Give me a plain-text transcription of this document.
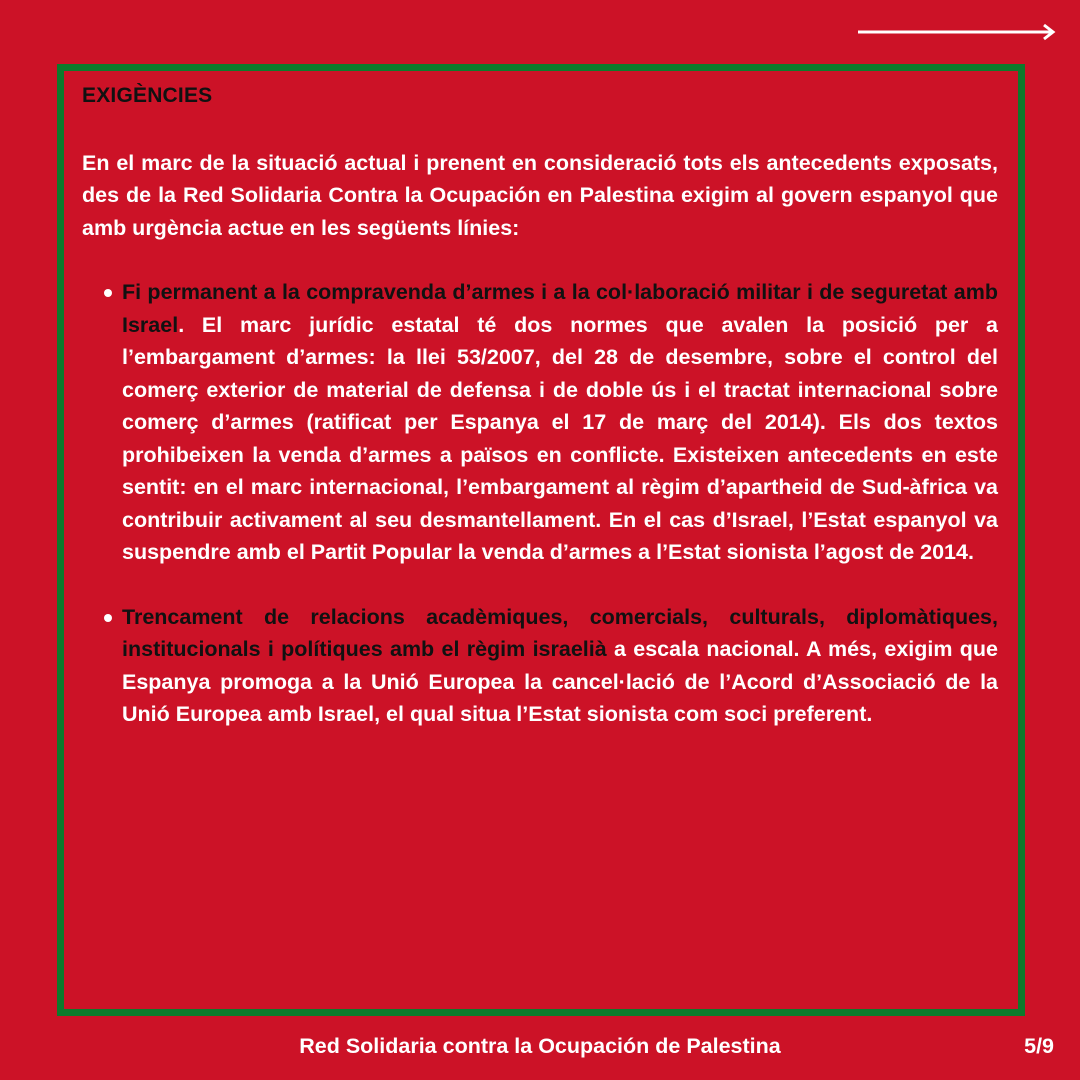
EXIGÈNCIES

En el marc de la situació actual i prenent en consideració tots els antecedents exposats, des de la Red Solidaria Contra la Ocupación en Palestina exigim al govern espanyol que amb urgència actue en les següents línies:

Fi permanent a la compravenda d’armes i a la col·laboració militar i de seguretat amb Israel. El marc jurídic estatal té dos normes que avalen la posició per a l’embargament d’armes: la llei 53/2007, del 28 de desembre, sobre el control del comerç exterior de material de defensa i de doble ús i el tractat internacional sobre comerç d’armes (ratificat per Espanya el 17 de març del 2014). Els dos textos prohibeixen la venda d’armes a països en conflicte. Existeixen antecedents en este sentit: en el marc internacional, l’embargament al règim d’apartheid de Sud-àfrica va contribuir activament al seu desmantellament. En el cas d’Israel, l’Estat espanyol va suspendre amb el Partit Popular la venda d’armes a l’Estat sionista l’agost de 2014.
Trencament de relacions acadèmiques, comercials, culturals, diplomàtiques, institucionals i polítiques amb el règim israelià a escala nacional. A més, exigim que Espanya promoga a la Unió Europea la cancel·lació de l’Acord d’Associació de la Unió Europea amb Israel, el qual situa l’Estat sionista com soci preferent.
Red Solidaria contra la Ocupación de Palestina	5/9
